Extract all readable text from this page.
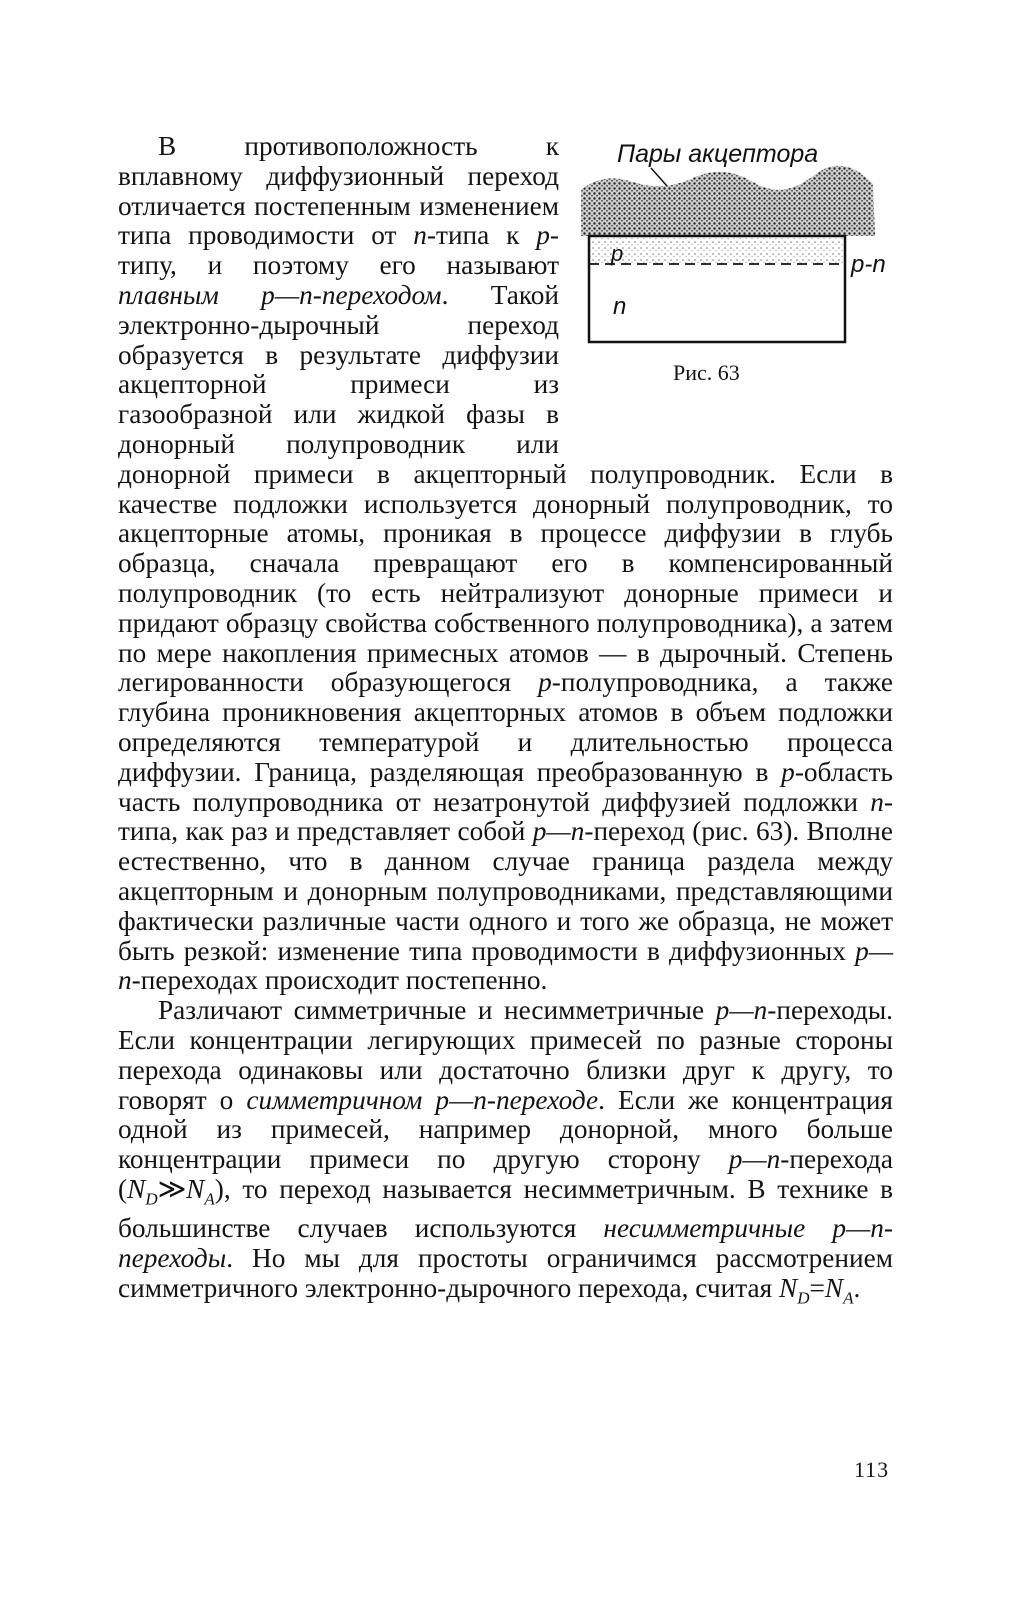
Пары акцептора
p
n
p-n
Рис. 63

В противоположность к вплавному диффузионный переход отличается постепенным изменением типа проводимости от n-типа к p-типу, и поэтому его называют плавным p—n-переходом. Такой электронно-дырочный переход образуется в результате диффузии акцепторной примеси из газообразной или жидкой фазы в донорный полупроводник или донорной примеси в акцепторный полупроводник. Если в качестве подложки используется донорный полупроводник, то акцепторные атомы, проникая в процессе диффузии в глубь образца, сначала превращают его в компенсированный полупроводник (то есть нейтрализуют донорные примеси и придают образцу свойства собственного полупроводника), а затем по мере накопления примесных атомов — в дырочный. Степень легированности образующегося p-полупроводника, а также глубина проникновения акцепторных атомов в объем подложки определяются температурой и длительностью процесса диффузии. Граница, разделяющая преобразованную в p-область часть полупроводника от незатронутой диффузией подложки n-типа, как раз и представляет собой p—n-переход (рис. 63). Вполне естественно, что в данном случае граница раздела между акцепторным и донорным полупроводниками, представляющими фактически различные части одного и того же образца, не может быть резкой: изменение типа проводимости в диффузионных p—n-переходах происходит постепенно.

Различают симметричные и несимметричные p—n-переходы. Если концентрации легирующих примесей по разные стороны перехода одинаковы или достаточно близки друг к другу, то говорят о симметричном p—n-переходе. Если же концентрация одной из примесей, например донорной, много больше концентрации примеси по другую сторону p—n-перехода $(N_D≫N_A)$, то переход называется несимметричным. В технике в большинстве случаев используются несимметричные p—n-переходы. Но мы для простоты ограничимся рассмотрением симметричного электронно-дырочного перехода, считая $N_D=N_A$.

113
